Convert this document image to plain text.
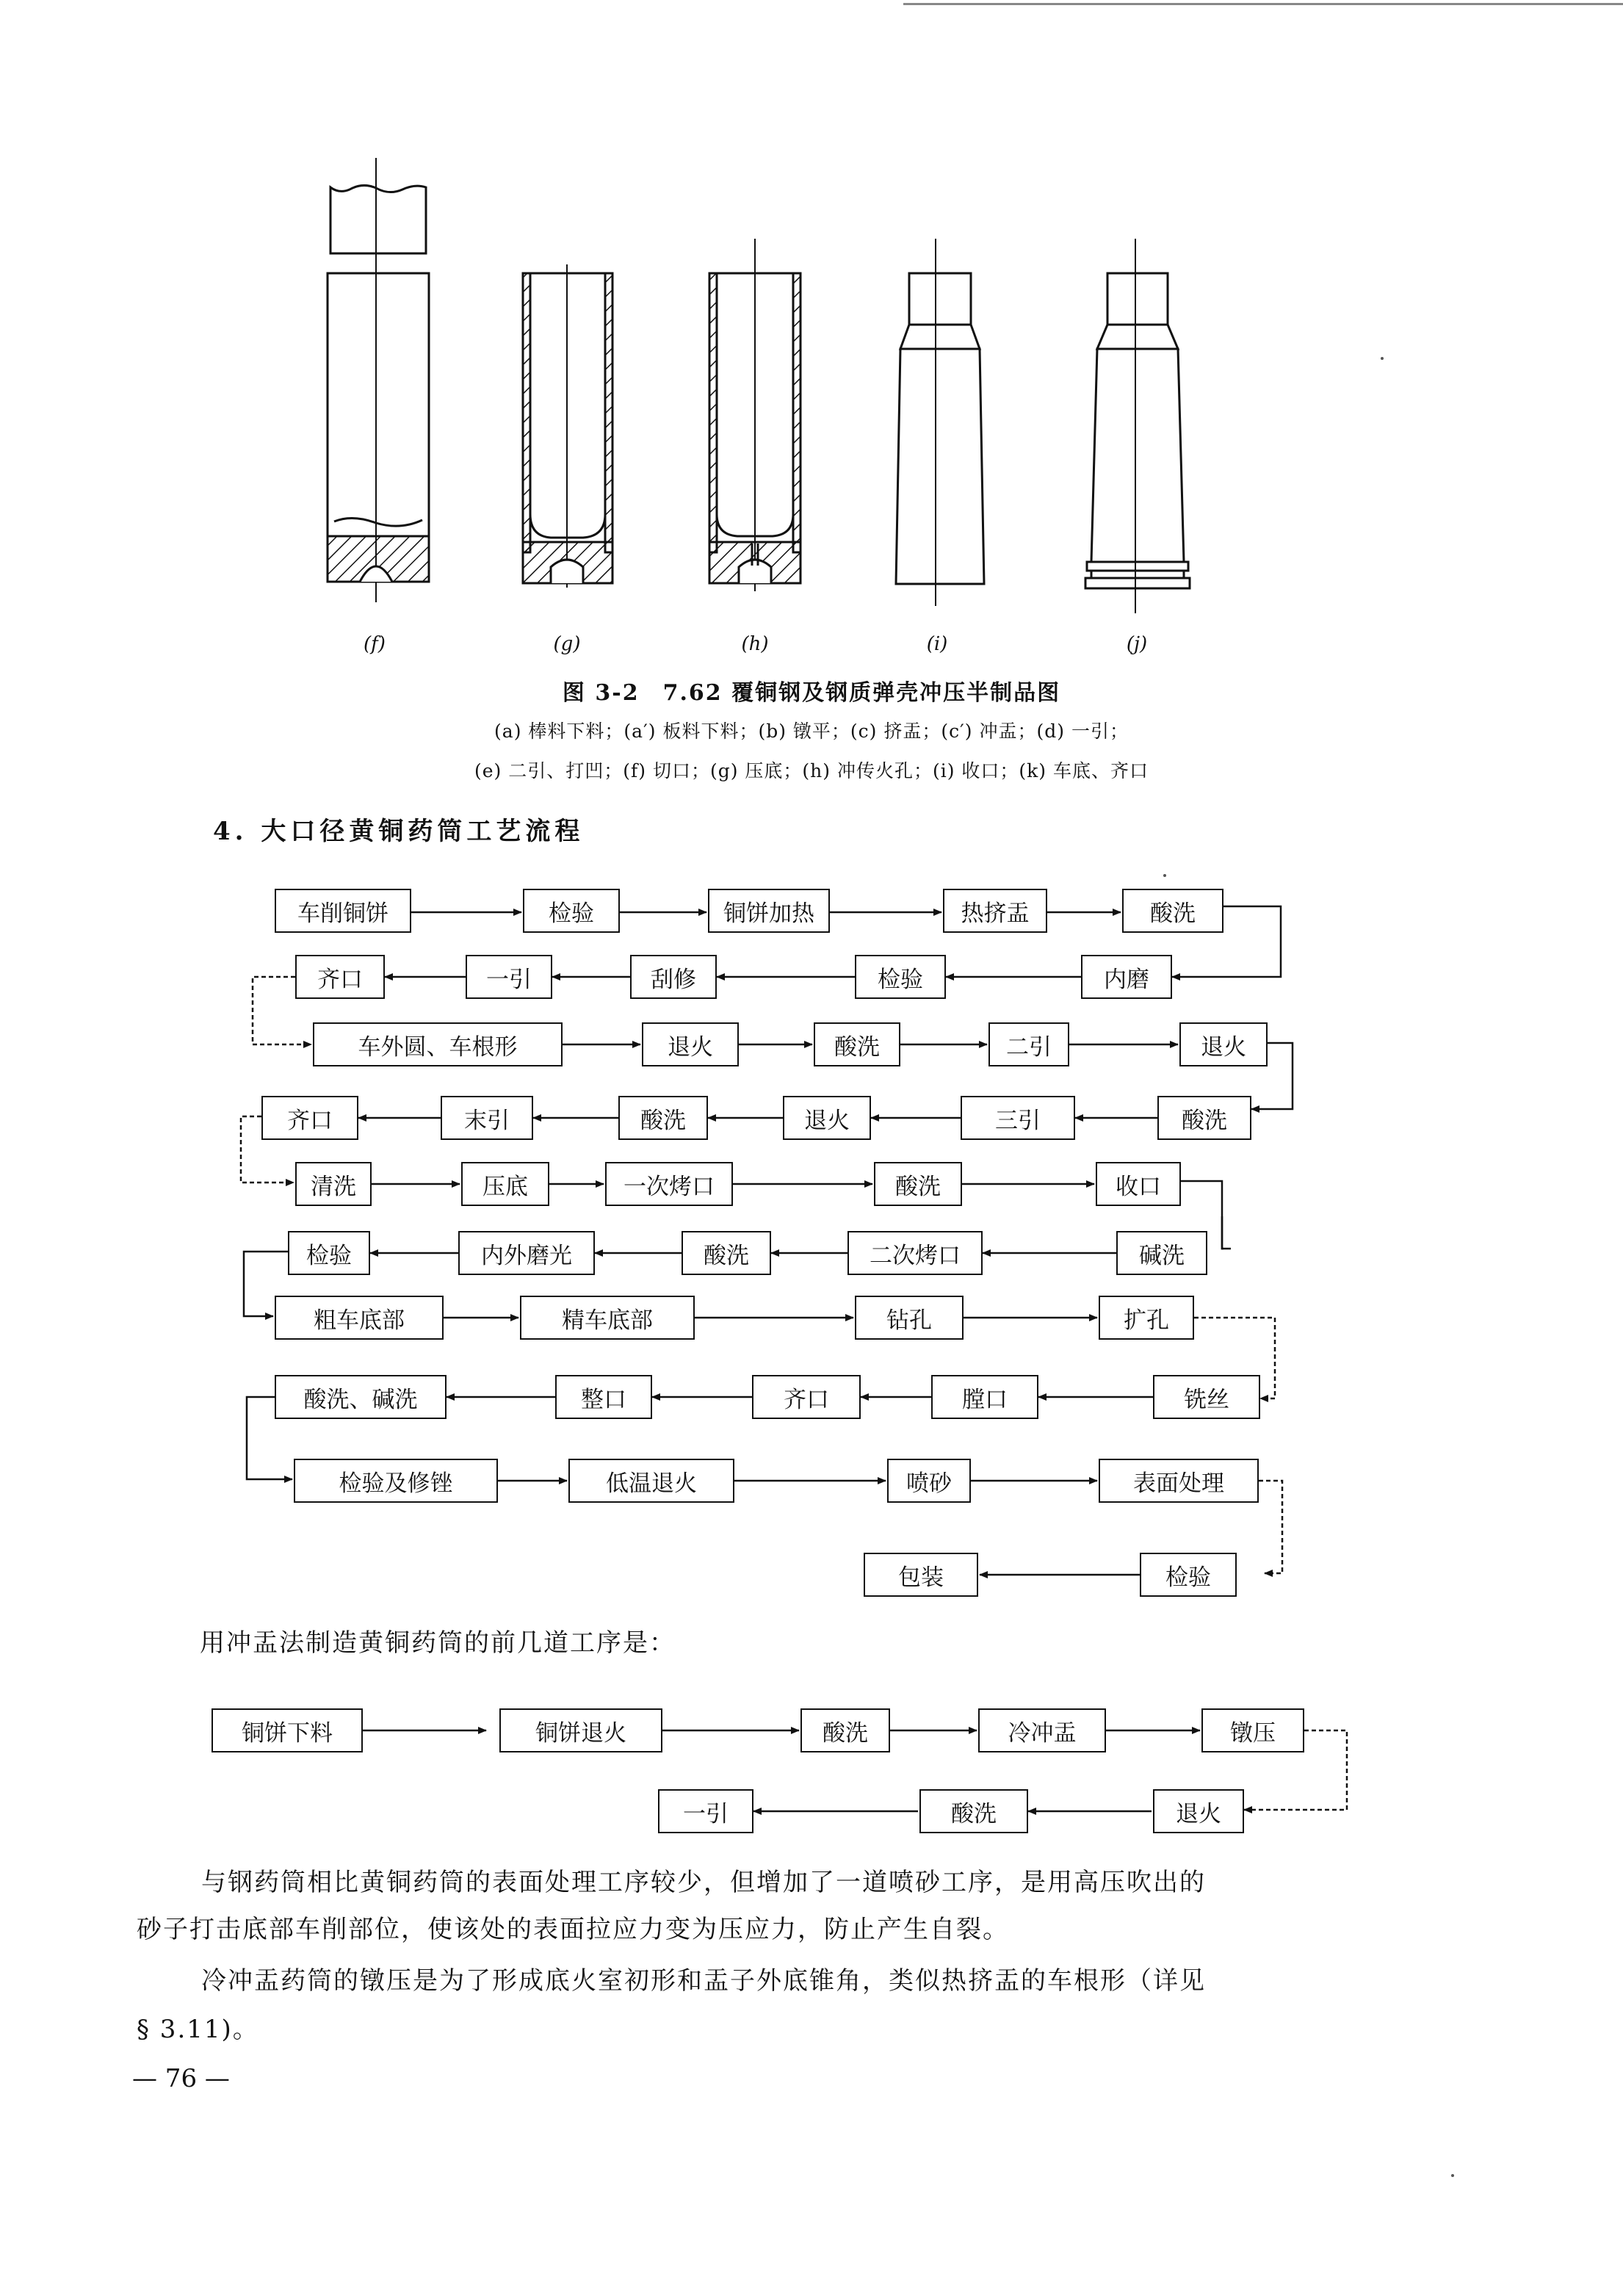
(f)	(g)	(h)	(i)	(j)
图 3-2　7.62 覆铜钢及钢质弹壳冲压半制品图
(a) 棒料下料；(a′) 板料下料；(b) 镦平；(c) 挤盂；(c′) 冲盂；(d) 一引；
(e) 二引、打凹；(f) 切口；(g) 压底；(h) 冲传火孔；(i) 收口；(k) 车底、齐口
4. 大口径黄铜药筒工艺流程
车削铜饼	检验	铜饼加热	热挤盂	酸洗
内磨
检验
刮修
一引
齐口
车外圆、车根形	退火	酸洗	二引	退火
酸洗
三引
退火
酸洗
末引
齐口
清洗	压底	一次烤口	酸洗	收口
碱洗
二次烤口
酸洗
内外磨光
检验
粗车底部	精车底部	钻孔	扩孔
铣丝
膛口
齐口
整口
酸洗、碱洗
检验及修锉	低温退火	喷砂	表面处理
检验
包装
用冲盂法制造黄铜药筒的前几道工序是：
铜饼下料	铜饼退火	酸洗	冷冲盂	镦压
退火
酸洗
一引
与钢药筒相比黄铜药筒的表面处理工序较少，但增加了一道喷砂工序，是用高压吹出的
砂子打击底部车削部位，使该处的表面拉应力变为压应力，防止产生自裂。
冷冲盂药筒的镦压是为了形成底火室初形和盂子外底锥角，类似热挤盂的车根形（详见
§ 3.11)。
— 76 —
